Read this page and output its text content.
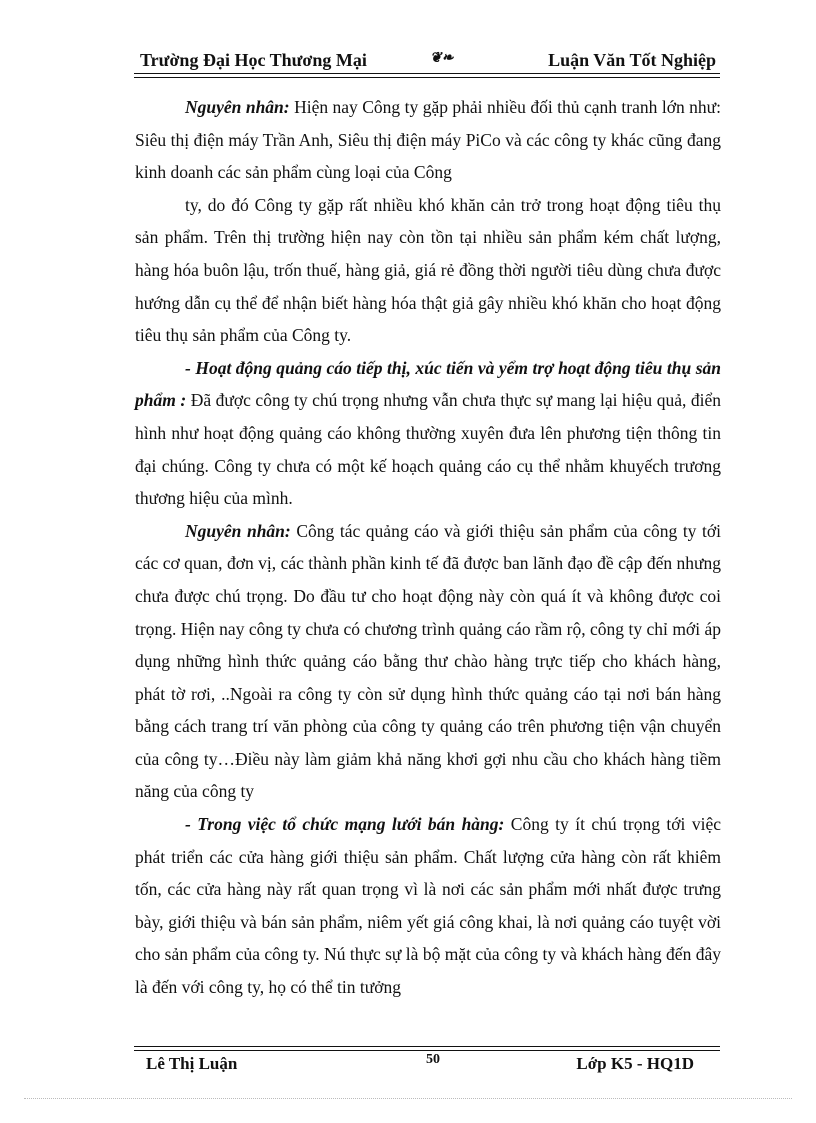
Trường Đại Học Thương Mại	❦❧	Luận Văn Tốt Nghiệp

Nguyên nhân: Hiện nay Công ty gặp phải nhiều đối thủ cạnh tranh lớn như: Siêu thị điện máy Trần Anh, Siêu thị điện máy PiCo và các công ty khác cũng đang kinh doanh các sản phẩm cùng loại của Công

ty, do đó Công ty gặp rất nhiều khó khăn cản trở trong hoạt động tiêu thụ sản phẩm. Trên thị trường hiện nay còn tồn tại nhiều sản phẩm kém chất lượng, hàng hóa buôn lậu, trốn thuế, hàng giả, giá rẻ đồng thời người tiêu dùng chưa được hướng dẫn cụ thể để nhận biết hàng hóa thật giả gây nhiều khó khăn cho hoạt động tiêu thụ sản phẩm của Công ty.

- Hoạt động quảng cáo tiếp thị, xúc tiến và yểm trợ hoạt động tiêu thụ sản phẩm : Đã được công ty chú trọng nhưng vẫn chưa thực sự mang lại hiệu quả, điển hình như hoạt động quảng cáo không thường xuyên đưa lên phương tiện thông tin đại chúng. Công ty chưa có một kế hoạch quảng cáo cụ thể nhằm khuyếch trương thương hiệu của mình.

Nguyên nhân: Công tác quảng cáo và giới thiệu sản phẩm của công ty tới các cơ quan, đơn vị, các thành phần kinh tế đã được ban lãnh đạo đề cập đến nhưng chưa được chú trọng. Do đầu tư cho hoạt động này còn quá ít và không được coi trọng. Hiện nay công ty chưa có chương trình quảng cáo rầm rộ, công ty chỉ mới áp dụng những hình thức quảng cáo bằng thư chào hàng trực tiếp cho khách hàng, phát tờ rơi, ..Ngoài ra công ty còn sử dụng hình thức quảng cáo tại nơi bán hàng bằng cách trang trí văn phòng của công ty quảng cáo trên phương tiện vận chuyển của công ty…Điều này làm giảm khả năng khơi gợi nhu cầu cho khách hàng tiềm năng của công ty

- Trong việc tổ chức mạng lưới bán hàng: Công ty ít chú trọng tới việc phát triển các cửa hàng giới thiệu sản phẩm. Chất lượng cửa hàng còn rất khiêm tốn, các cửa hàng này rất quan trọng vì là nơi các sản phẩm mới nhất được trưng bày, giới thiệu và bán sản phẩm, niêm yết giá công khai, là nơi quảng cáo tuyệt vời cho sản phẩm của công ty. Nú thực sự là bộ mặt của công ty và khách hàng đến đây là đến với công ty, họ có thể tin tưởng

Lê Thị Luận	50	Lớp K5 - HQ1D
